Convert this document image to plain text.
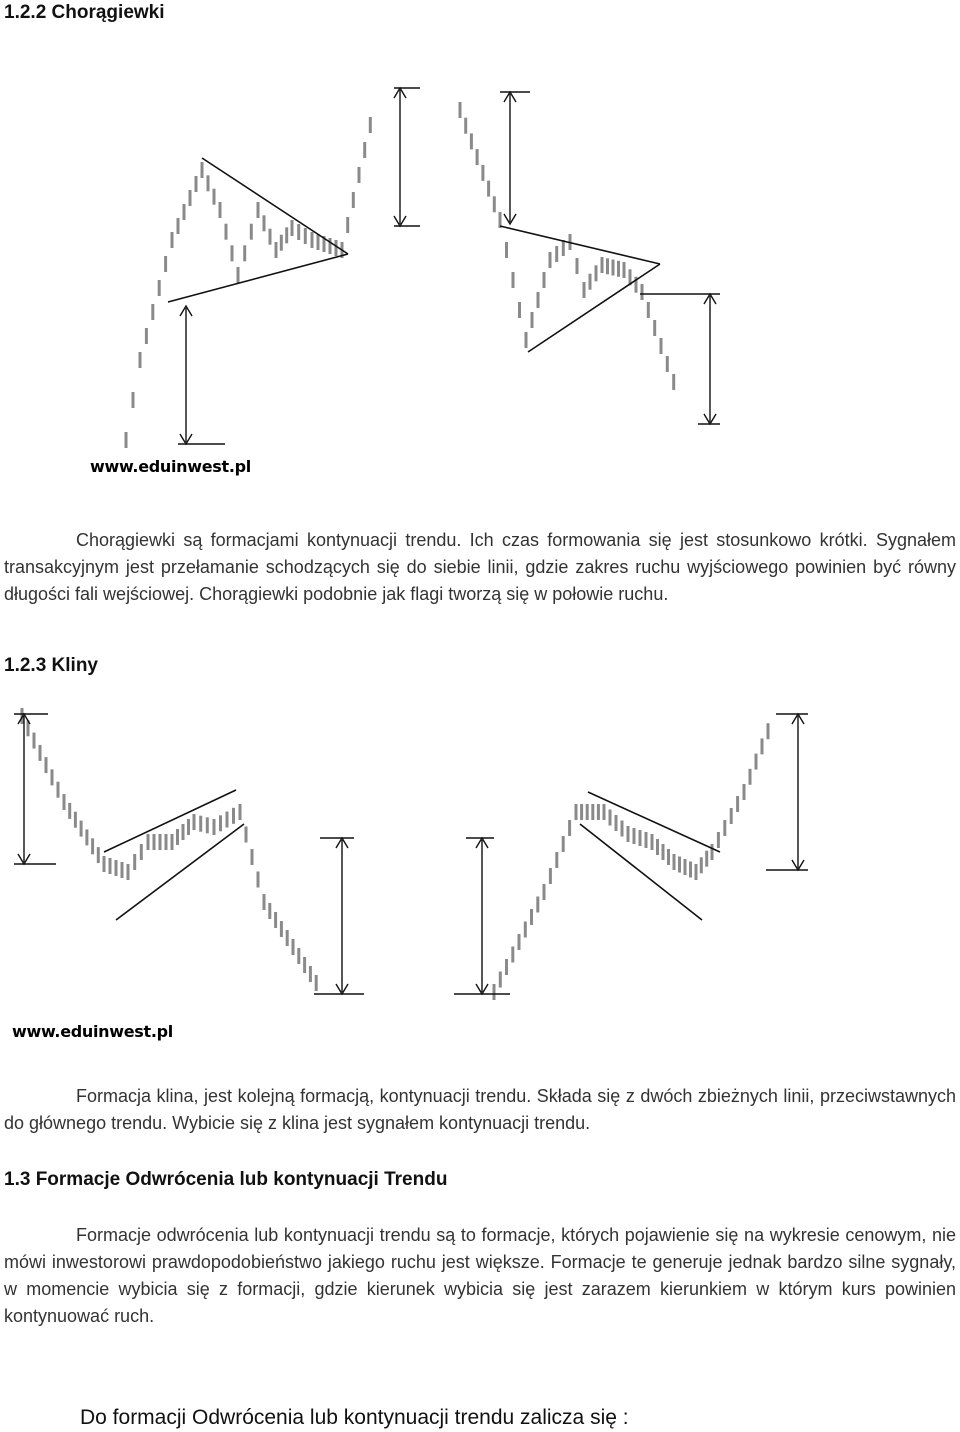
1.2.2 Chorągiewki
www.eduinwest.pl
Chorągiewki są formacjami kontynuacji trendu. Ich czas formowania się jest stosunkowo krótki. Sygnałem transakcyjnym jest przełamanie schodzących się do siebie linii, gdzie zakres ruchu wyjściowego powinien być równy długości fali wejściowej. Chorągiewki podobnie jak flagi tworzą się w połowie ruchu.
1.2.3 Kliny
www.eduinwest.pl
Formacja klina, jest kolejną formacją, kontynuacji trendu. Składa się z dwóch zbieżnych linii, przeciwstawnych do głównego trendu. Wybicie się z klina jest sygnałem kontynuacji trendu.
1.3 Formacje Odwrócenia lub kontynuacji Trendu
Formacje odwrócenia lub kontynuacji trendu są to formacje, których pojawienie się na wykresie cenowym, nie mówi inwestorowi prawdopodobieństwo jakiego ruchu jest większe. Formacje te generuje jednak bardzo silne sygnały, w momencie wybicia się z formacji, gdzie kierunek wybicia się jest zarazem kierunkiem w którym kurs powinien kontynuować ruch.
Do formacji Odwrócenia lub kontynuacji trendu zalicza się :
